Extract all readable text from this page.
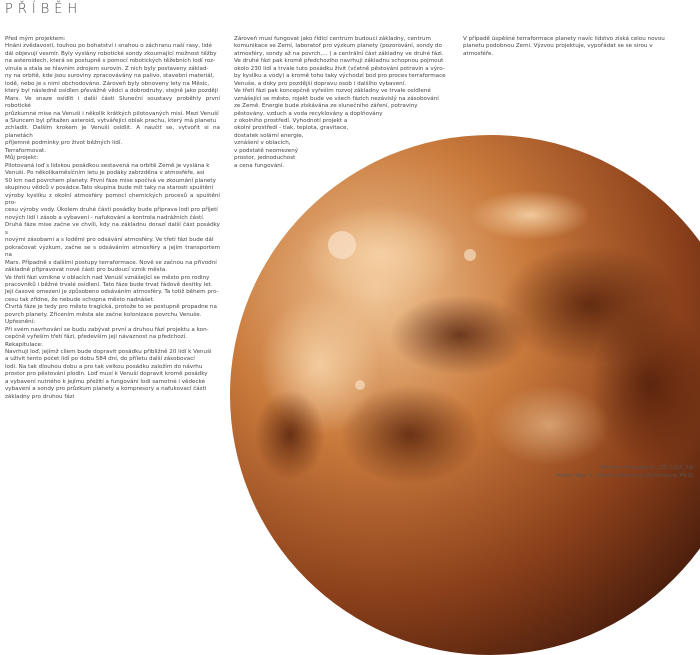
PŘÍBĚH

Před mým projektem:

Hnáni zvědavostí, touhou po bohatství i snahou o záchranu naší rasy, lidé

dál objevují vesmír. Byly vyslány robotické sondy zkoumající možnost těžby

na asteroidech, která se postupně s pomocí robotických těžebních lodí roz-

vinula a stala se hlavním zdrojem surovin. Z nich byly postaveny základ-

ny na orbitě, kde jsou suroviny zpracovávány na palivo, stavební materiál,

lodě, nebo je s nimi obchodováno. Zároveň byly obnoveny lety na Měsíc,

který byl následně osídlen převážně vědci a dobrodruhy, stejně jako později

Mars. Ve snaze osídlit i další části Sluneční soustavy proběhly první robotické

průzkumné mise na Venuši i několik krátkých pilotovaných misí. Mezi Venuší

a Sluncem byl přitažen asteroid, vytvářející oblak prachu, který má planetu

zchladit. Dalším krokem je Venuši osídlit. A naučit se, vytvořit si na planetách

příjemné podmínky pro život běžných lidí.

Terraformovat.

Můj projekt:

Pilotovaná loď s lidskou posádkou sestavená na orbitě Země je vyslána k

Venuši. Po několikaměsíčním letu je podáky zabrzděna v atmosféře, asi

50 km nad povrchem planety. První fáze mise spočívá ve zkoumání planety

skupinou vědců v posádce.Tato skupina bude mít taky na starosti spuštění

výroby kyslíku z okolní atmosféry pomocí chemických procesů a spuštění pro-

cesu výroby vody. Úkolem druhé části posádky bude připrava lodi pro příjetí

nových lidí i zásob a vybavení - nafukování a kontrola nadrážních částí.

Druhá fáze mise začne ve chvíli, kdy na základnu dorazí další část posádky s

novými zásobami a s loděmi pro odsávání atmosféry. Ve třetí fázi bude dál

pokračovat výzkum, začne se s odsáváním atmosféry a jejím transportem na

Mars. Případně s dalšími postupy terraformace. Nově se začnou na přívodní

základně připravovat nové části pro budoucí vznik města.

Ve třetí fázi vznikne v oblacích nad Venuší vznášející se město pro rodiny

pracovníků i běžné trvalé osídlení. Tato fáze bude trvat řádově desítky let.

Její časové omezení je způsobeno odsáváním atmosféry. Ta totiž během pro-

cesu tak zřídne, že nebude schopna město nadnášet.

Čtvrtá fáze je tedy pro město tragická, protože to se postupně propadne na

povrch planety. Zřícením města ale začne kolonizace povrchu Venuše.

Upřesnění:

Při svém navrhování se budu zabývat první a druhou fází projektu a kon-

cepčně vyřeším třetí fázi, především její návaznost na předchozí.

Rekapitulace:

Navrhuji loď, jejímž cílem bude dopravit posádku přibližně 20 lidí k Venuši

a uživit tento počet lidí po dobu 584 dní, do příletu další zásobovací

lodi. Na tak dlouhou dobu a pro tak velkou posádku založím do návrhu

prostor pro pěstování plodin. Loď musí k Venuši dopravit kromě posádky

a vybavení nutného k jejímu přežití a fungování lodi samotné i vědecké

vybavení a sondy pro průzkum planety a kompresory a nafukovací části

základny pro druhou fázi

Zároveň musí fungovat jako řídící centrum budoucí základny, centrum

komunikace se Zemí, laboratoř pro výzkum planety (pozorování, sondy do

atmosféry, sondy až na povrch,... ) a centrální část základny ve druhé fázi.

Ve druhé fázi pak kromě předchozího navrhuji základnu schopnou pojmout

okolo 230 lidí a trvale tuto posádku živit (včetně pěstování potravin a výro-

by kyslíku a vody) a kromě toho taky východzí bod pro proces terraformace

Venuše, a doky pro pozdější dopravu osob i dalšího vybavení.

Ve třetí fázi pak koncepčně vyřeším rozvoj základny ve trvale osídlené

vznášející se město, rojekt bude ve všech fázích nezávislý na zásobování

ze Země. Energie bude získávána ze slunečního záření, potraviny

pěstovány, vzduch a voda recyklovány a doplňovány

z okolního prostředí. Vyhodnotí projekt a

okolní prostředí - tlak, teplota, gravitace,

dostatek solární energie,

vznášení v oblacích,

v podstatě neomezený

prostor, jednoduchost

a cena fungování.

V případě úspěšné terraformace planety navíc lidstvo získá celou novou

planetu podobnou Zemi. Výzvou projektuje, vypořádat se se sirou v

atmosféře.

Michala Kohoutková / ZS 2015_16/
Ateliér Mgr. A. Zdeňka Němcová Zedníčková, Ph.D.
